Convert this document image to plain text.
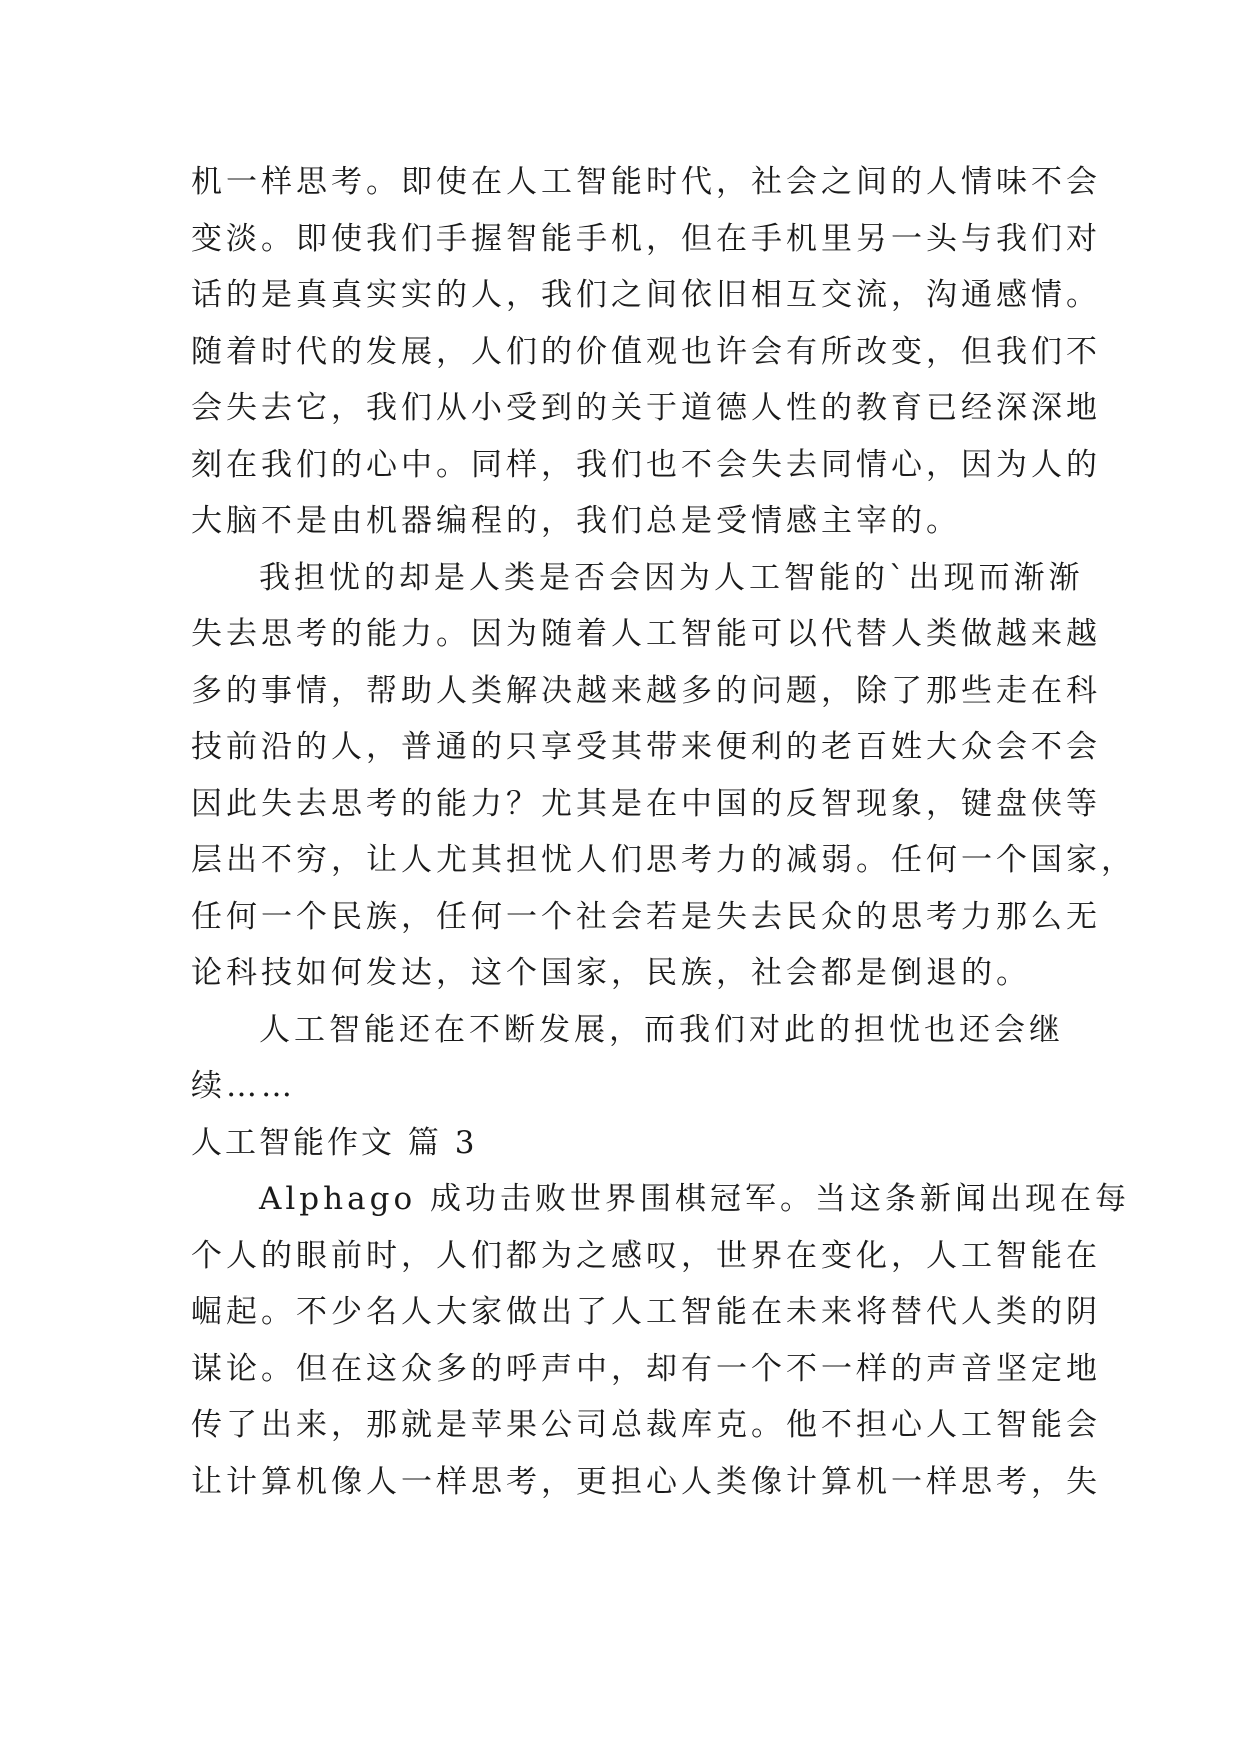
机一样思考。即使在人工智能时代，社会之间的人情味不会
变淡。即使我们手握智能手机，但在手机里另一头与我们对
话的是真真实实的人，我们之间依旧相互交流，沟通感情。
随着时代的发展，人们的价值观也许会有所改变，但我们不
会失去它，我们从小受到的关于道德人性的教育已经深深地
刻在我们的心中。同样，我们也不会失去同情心，因为人的
大脑不是由机器编程的，我们总是受情感主宰的。
我担忧的却是人类是否会因为人工智能的`出现而渐渐
失去思考的能力。因为随着人工智能可以代替人类做越来越
多的事情，帮助人类解决越来越多的问题，除了那些走在科
技前沿的人，普通的只享受其带来便利的老百姓大众会不会
因此失去思考的能力？尤其是在中国的反智现象，键盘侠等
层出不穷，让人尤其担忧人们思考力的减弱。任何一个国家，
任何一个民族，任何一个社会若是失去民众的思考力那么无
论科技如何发达，这个国家，民族，社会都是倒退的。
人工智能还在不断发展，而我们对此的担忧也还会继
续……
人工智能作文 篇 3
Alphago 成功击败世界围棋冠军。当这条新闻出现在每
个人的眼前时，人们都为之感叹，世界在变化，人工智能在
崛起。不少名人大家做出了人工智能在未来将替代人类的阴
谋论。但在这众多的呼声中，却有一个不一样的声音坚定地
传了出来，那就是苹果公司总裁库克。他不担心人工智能会
让计算机像人一样思考，更担心人类像计算机一样思考，失
